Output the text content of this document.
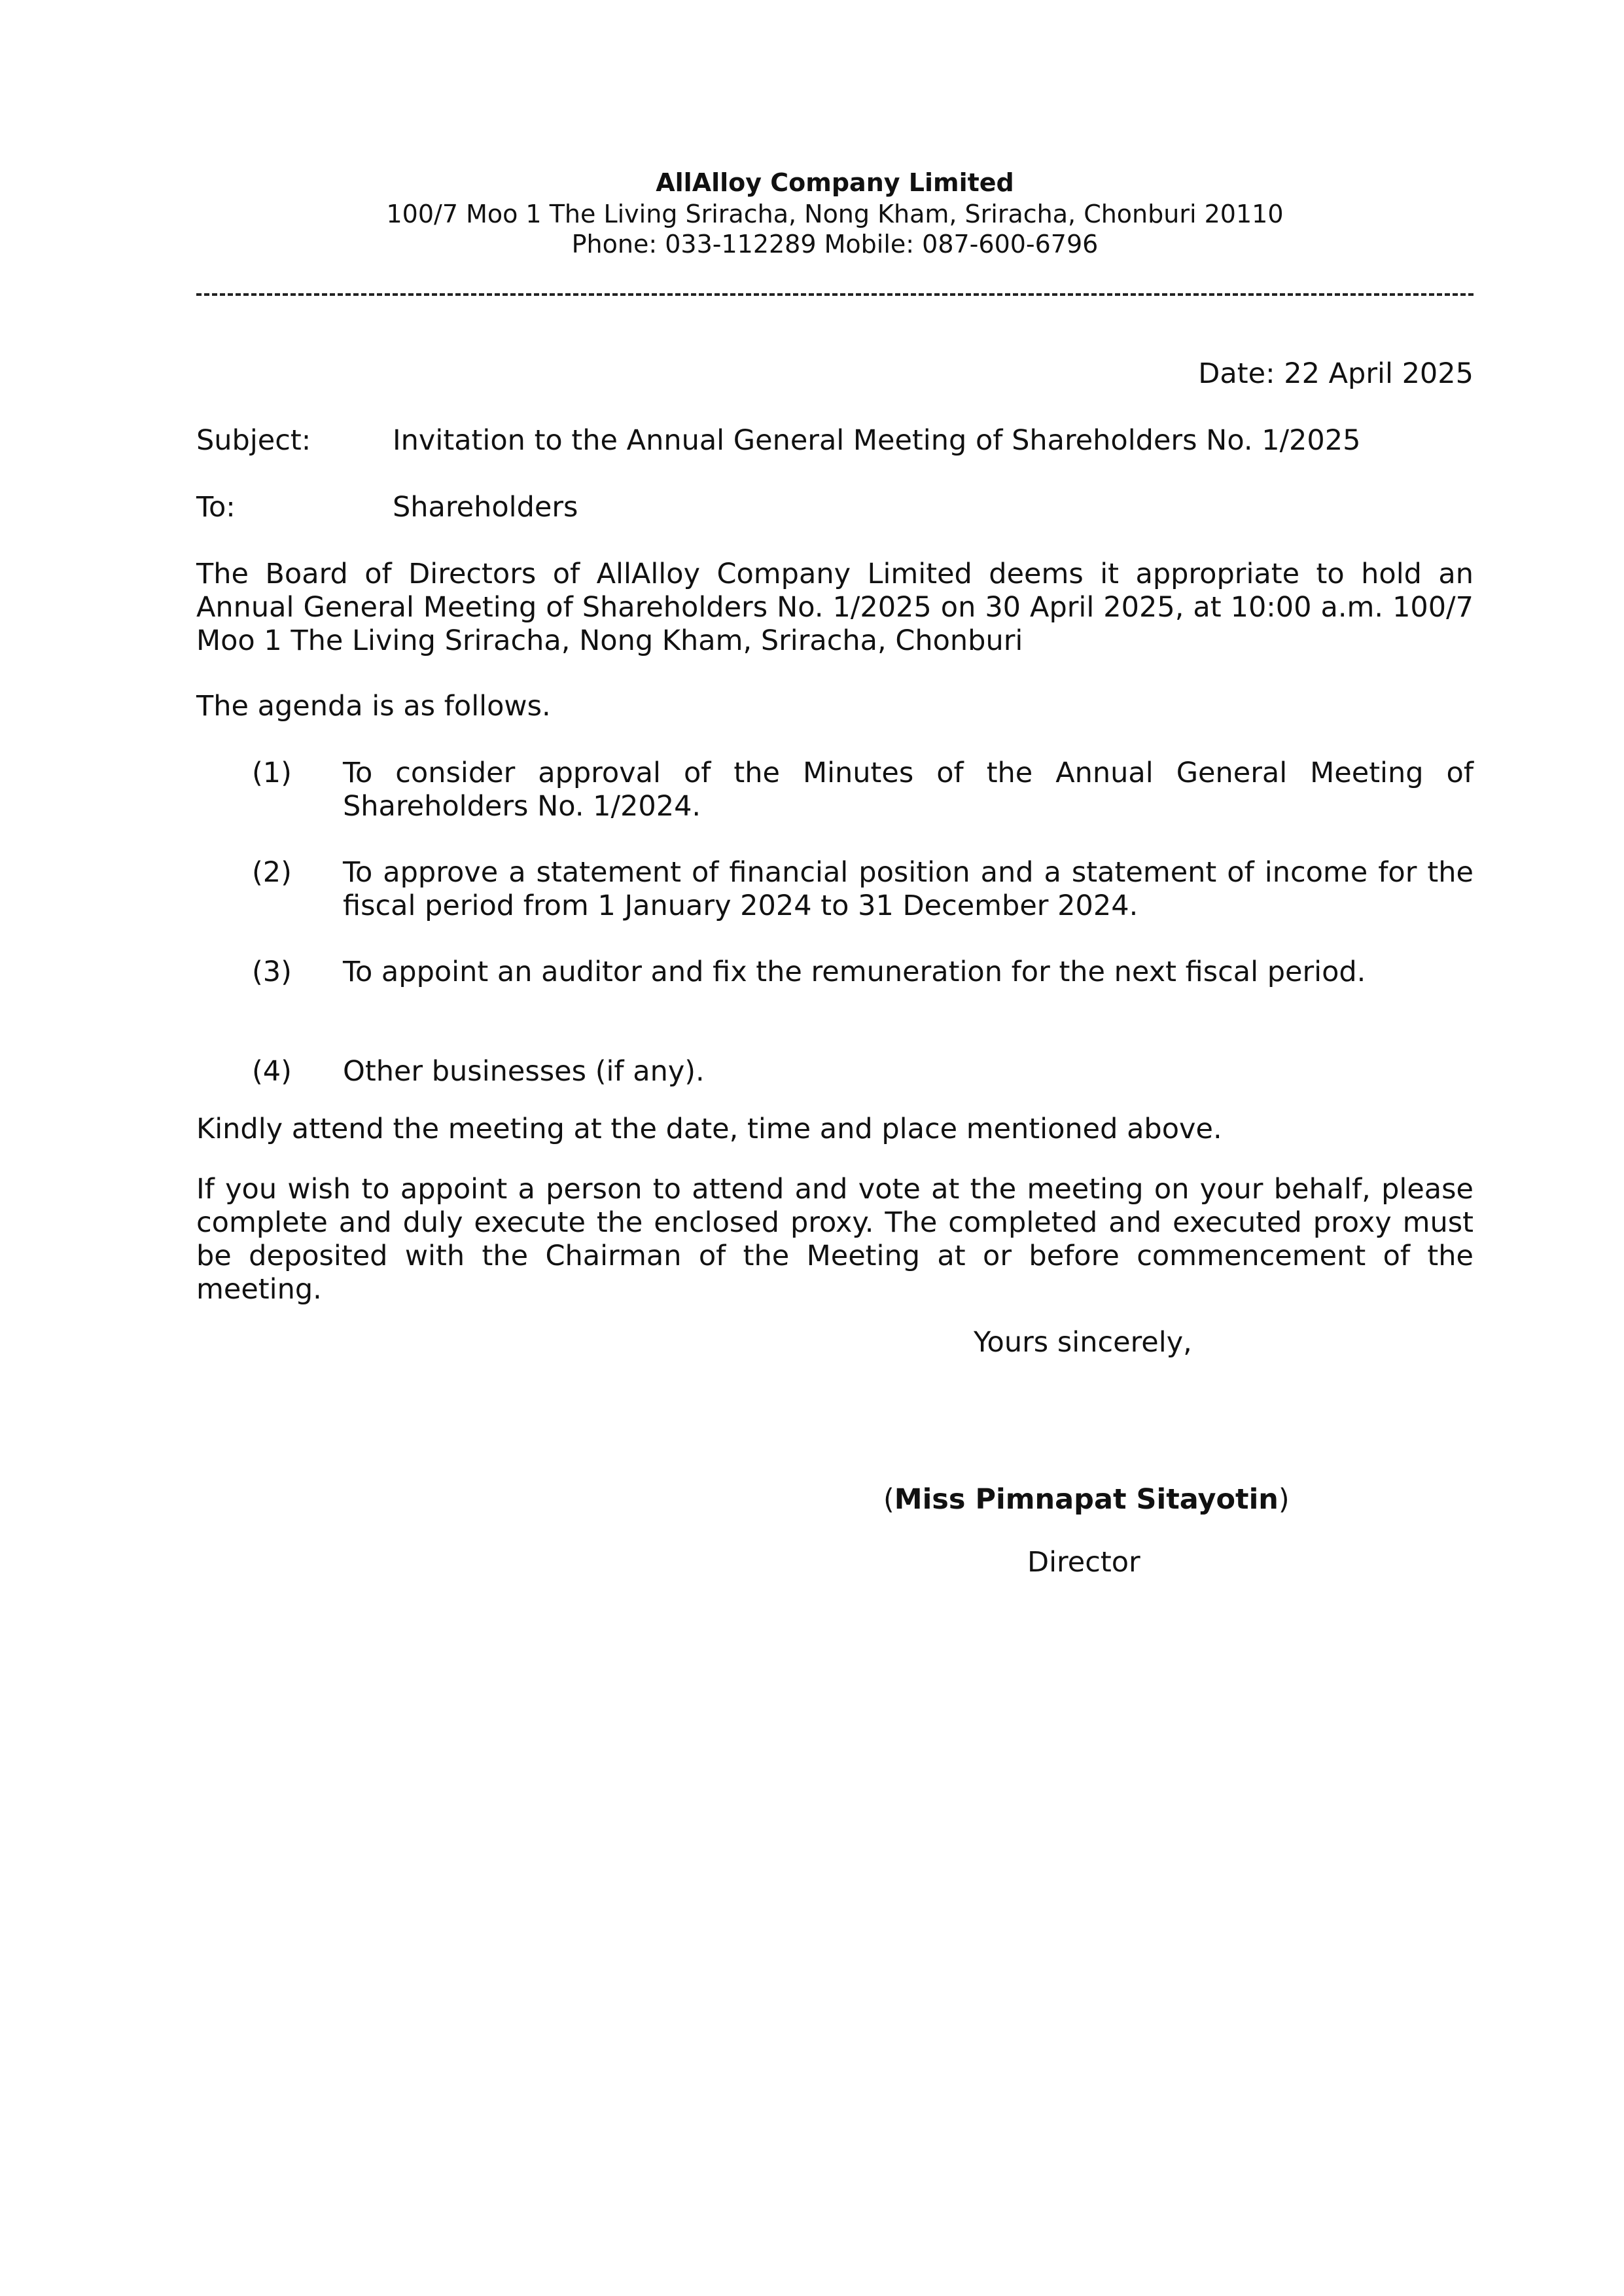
AllAlloy Company Limited
100/7 Moo 1 The Living Sriracha, Nong Kham, Sriracha, Chonburi 20110
Phone: 033-112289 Mobile: 087-600-6796
Date: 22 April 2025
Subject:	Invitation to the Annual General Meeting of Shareholders No. 1/2025
To:	Shareholders

The Board of Directors of AllAlloy Company Limited deems it appropriate to hold an Annual General Meeting of Shareholders No. 1/2025 on 30 April 2025, at 10:00 a.m. 100/7 Moo 1 The Living Sriracha, Nong Kham, Sriracha, Chonburi

The agenda is as follows.
(1) To consider approval of the Minutes of the Annual General Meeting of Shareholders No. 1/2024.
(2) To approve a statement of financial position and a statement of income for the fiscal period from 1 January 2024 to 31 December 2024.
(3) To appoint an auditor and fix the remuneration for the next fiscal period.
(4) Other businesses (if any).
Kindly attend the meeting at the date, time and place mentioned above.

If you wish to appoint a person to attend and vote at the meeting on your behalf, please complete and duly execute the enclosed proxy. The completed and executed proxy must be deposited with the Chairman of the Meeting at or before commencement of the meeting.

Yours sincerely,
(Miss Pimnapat Sitayotin)
Director
